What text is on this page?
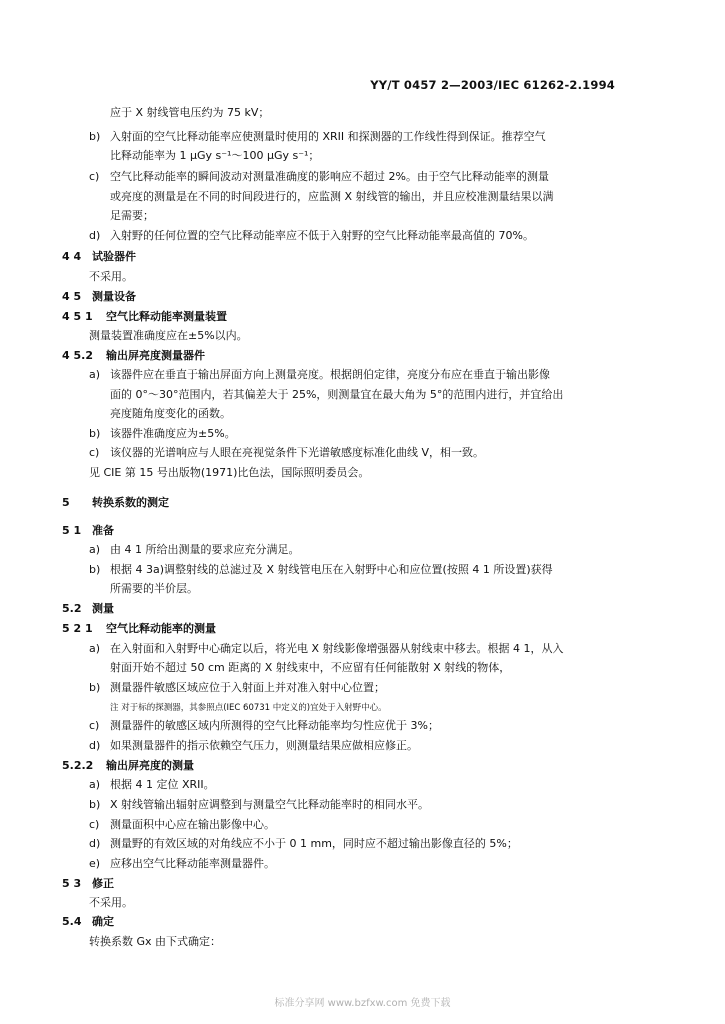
YY/T 0457 2—2003/IEC 61262-2.1994
应于 X 射线管电压约为 75 kV；
b) 入射面的空气比释动能率应使测量时使用的 XRII 和探测器的工作线性得到保证。推荐空气
比释动能率为 1 μGy s⁻¹～100 μGy s⁻¹；
c) 空气比释动能率的瞬间波动对测量准确度的影响应不超过 2%。由于空气比释动能率的测量
或亮度的测量是在不同的时间段进行的，应监测 X 射线管的输出，并且应校准测量结果以满
足需要；
d) 入射野的任何位置的空气比释动能率应不低于入射野的空气比释动能率最高值的 70%。
4 4 试验器件
不采用。
4 5 测量设备
4 5 1 空气比释动能率测量装置
测量装置准确度应在±5%以内。
4 5.2 输出屏亮度测量器件
a) 该器件应在垂直于输出屏面方向上测量亮度。根据朗伯定律，亮度分布应在垂直于输出影像
面的 0°～30°范围内，若其偏差大于 25%，则测量宜在最大角为 5°的范围内进行，并宜给出
亮度随角度变化的函数。
b) 该器件准确度应为±5%。
c) 该仪器的光谱响应与人眼在亮视觉条件下光谱敏感度标准化曲线 V，相一致。
见 CIE 第 15 号出版物(1971)比色法，国际照明委员会。
5 转换系数的测定
5 1 准备
a) 由 4 1 所给出测量的要求应充分满足。
b) 根据 4 3a)调整射线的总滤过及 X 射线管电压在入射野中心和应位置(按照 4 1 所设置)获得
所需要的半价层。
5.2 测量
5 2 1 空气比释动能率的测量
a) 在入射面和入射野中心确定以后，将光电 X 射线影像增强器从射线束中移去。根据 4 1，从入
射面开始不超过 50 cm 距离的 X 射线束中，不应留有任何能散射 X 射线的物体，
b) 测量器件敏感区域应位于入射面上并对准入射中心位置；
注 对于标的探测器，其参照点(IEC 60731 中定义的)宜处于入射野中心。
c) 测量器件的敏感区域内所测得的空气比释动能率均匀性应优于 3%；
d) 如果测量器件的指示依赖空气压力，则测量结果应做相应修正。
5.2.2 输出屏亮度的测量
a) 根据 4 1 定位 XRII。
b) X 射线管输出辐射应调整到与测量空气比释动能率时的相同水平。
c) 测量面积中心应在输出影像中心。
d) 测量野的有效区域的对角线应不小于 0 1 mm，同时应不超过输出影像直径的 5%；
e) 应移出空气比释动能率测量器件。
5 3 修正
不采用。
5.4 确定
转换系数 Gx 由下式确定：
标准分享网 www.bzfxw.com 免费下载
